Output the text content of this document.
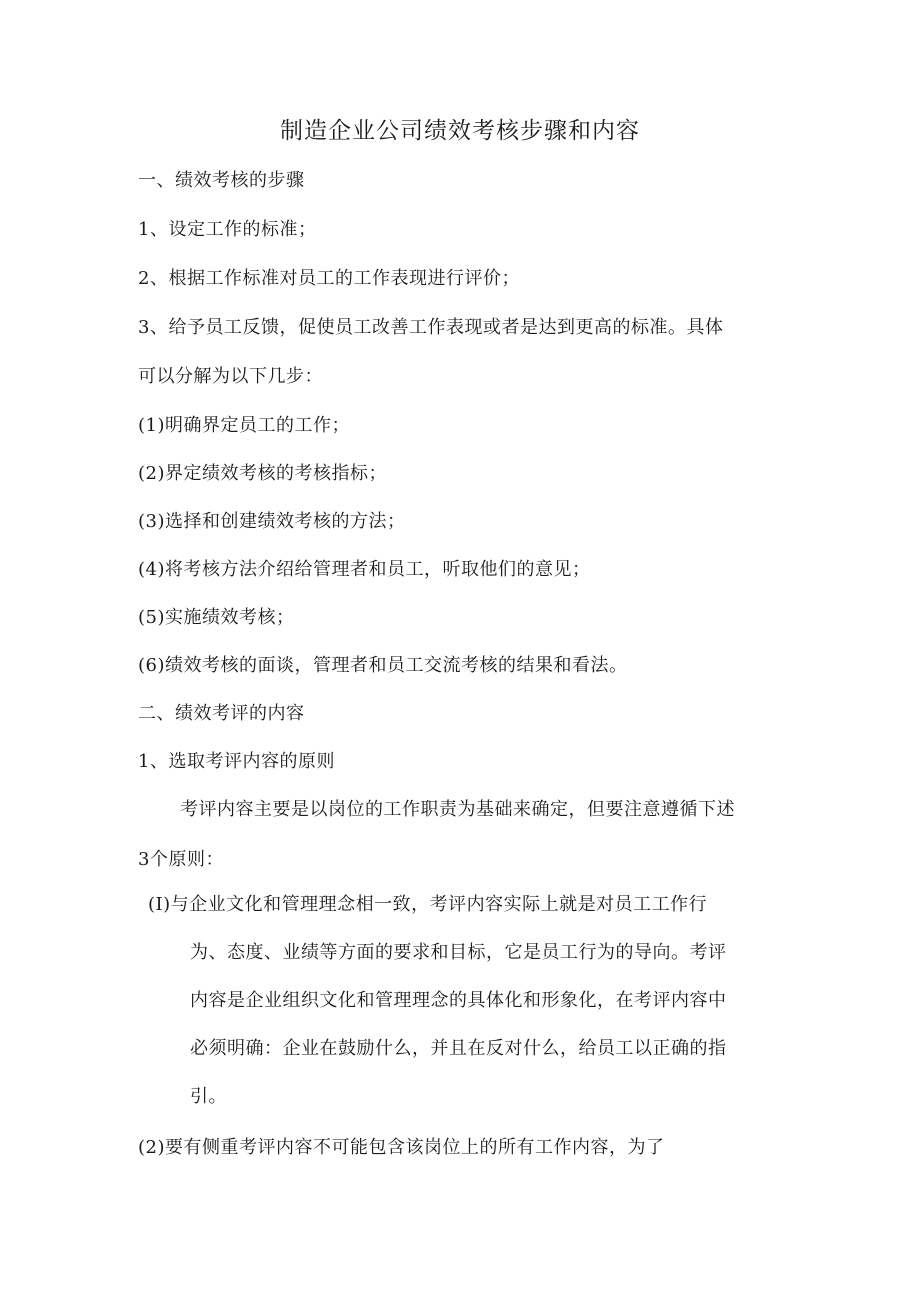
制造企业公司绩效考核步骤和内容
一、绩效考核的步骤
1、设定工作的标准；
2、根据工作标准对员工的工作表现进行评价；
3、给予员工反馈，促使员工改善工作表现或者是达到更高的标准。具体
可以分解为以下几步：
(1)明确界定员工的工作；
(2)界定绩效考核的考核指标；
(3)选择和创建绩效考核的方法；
(4)将考核方法介绍给管理者和员工，听取他们的意见；
(5)实施绩效考核；
(6)绩效考核的面谈，管理者和员工交流考核的结果和看法。
二、绩效考评的内容
1、选取考评内容的原则
考评内容主要是以岗位的工作职责为基础来确定，但要注意遵循下述
3个原则：
(I)与企业文化和管理理念相一致，考评内容实际上就是对员工工作行
为、态度、业绩等方面的要求和目标，它是员工行为的导向。考评
内容是企业组织文化和管理理念的具体化和形象化，在考评内容中
必须明确：企业在鼓励什么，并且在反对什么，给员工以正确的指
引。
(2)要有侧重考评内容不可能包含该岗位上的所有工作内容，为了
